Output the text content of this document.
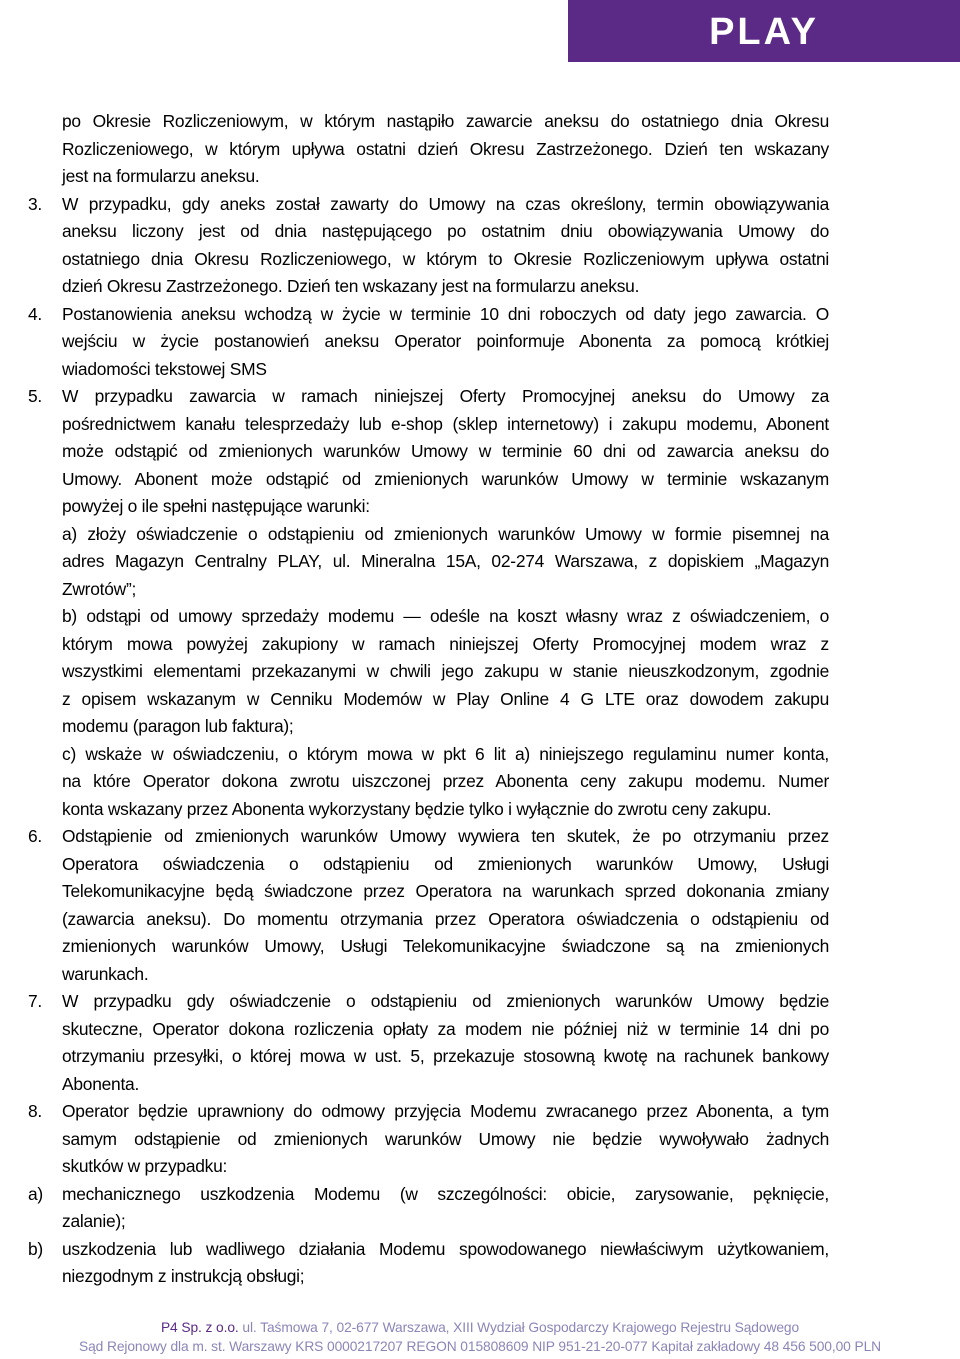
PLAY
po Okresie Rozliczeniowym, w którym nastąpiło zawarcie aneksu do ostatniego dnia Okresu
Rozliczeniowego, w którym upływa ostatni dzień Okresu Zastrzeżonego. Dzień ten wskazany
jest na formularzu aneksu.
3. W przypadku, gdy aneks został zawarty do Umowy na czas określony, termin obowiązywania
aneksu liczony jest od dnia następującego po ostatnim dniu obowiązywania Umowy do
ostatniego dnia Okresu Rozliczeniowego, w którym to Okresie Rozliczeniowym upływa ostatni
dzień Okresu Zastrzeżonego. Dzień ten wskazany jest na formularzu aneksu.
4. Postanowienia aneksu wchodzą w życie w terminie 10 dni roboczych od daty jego zawarcia. O
wejściu w życie postanowień aneksu Operator poinformuje Abonenta za pomocą krótkiej
wiadomości tekstowej SMS
5. W przypadku zawarcia w ramach niniejszej Oferty Promocyjnej aneksu do Umowy za
pośrednictwem kanału telesprzedaży lub e-shop (sklep internetowy) i zakupu modemu, Abonent
może odstąpić od zmienionych warunków Umowy w terminie 60 dni od zawarcia aneksu do
Umowy. Abonent może odstąpić od zmienionych warunków Umowy w terminie wskazanym
powyżej o ile spełni następujące warunki:
a) złoży oświadczenie o odstąpieniu od zmienionych warunków Umowy w formie pisemnej na
adres Magazyn Centralny PLAY, ul. Mineralna 15A, 02-274 Warszawa, z dopiskiem „Magazyn
Zwrotów”;
b) odstąpi od umowy sprzedaży modemu — odeśle na koszt własny wraz z oświadczeniem, o
którym mowa powyżej zakupiony w ramach niniejszej Oferty Promocyjnej modem wraz z
wszystkimi elementami przekazanymi w chwili jego zakupu w stanie nieuszkodzonym, zgodnie
z opisem wskazanym w Cenniku Modemów w Play Online 4 G LTE oraz dowodem zakupu
modemu (paragon lub faktura);
c) wskaże w oświadczeniu, o którym mowa w pkt 6 lit a) niniejszego regulaminu numer konta,
na które Operator dokona zwrotu uiszczonej przez Abonenta ceny zakupu modemu. Numer
konta wskazany przez Abonenta wykorzystany będzie tylko i wyłącznie do zwrotu ceny zakupu.
6. Odstąpienie od zmienionych warunków Umowy wywiera ten skutek, że po otrzymaniu przez
Operatora oświadczenia o odstąpieniu od zmienionych warunków Umowy, Usługi
Telekomunikacyjne będą świadczone przez Operatora na warunkach sprzed dokonania zmiany
(zawarcia aneksu). Do momentu otrzymania przez Operatora oświadczenia o odstąpieniu od
zmienionych warunków Umowy, Usługi Telekomunikacyjne świadczone są na zmienionych
warunkach.
7. W przypadku gdy oświadczenie o odstąpieniu od zmienionych warunków Umowy będzie
skuteczne, Operator dokona rozliczenia opłaty za modem nie później niż w terminie 14 dni po
otrzymaniu przesyłki, o której mowa w ust. 5, przekazuje stosowną kwotę na rachunek bankowy
Abonenta.
8. Operator będzie uprawniony do odmowy przyjęcia Modemu zwracanego przez Abonenta, a tym
samym odstąpienie od zmienionych warunków Umowy nie będzie wywoływało żadnych
skutków w przypadku:
a) mechanicznego uszkodzenia Modemu (w szczególności: obicie, zarysowanie, pęknięcie,
zalanie);
b) uszkodzenia lub wadliwego działania Modemu spowodowanego niewłaściwym użytkowaniem,
niezgodnym z instrukcją obsługi;
P4 Sp. z o.o. ul. Taśmowa 7, 02-677 Warszawa, XIII Wydział Gospodarczy Krajowego Rejestru Sądowego
Sąd Rejonowy dla m. st. Warszawy KRS 0000217207 REGON 015808609 NIP 951-21-20-077 Kapitał zakładowy 48 456 500,00 PLN
